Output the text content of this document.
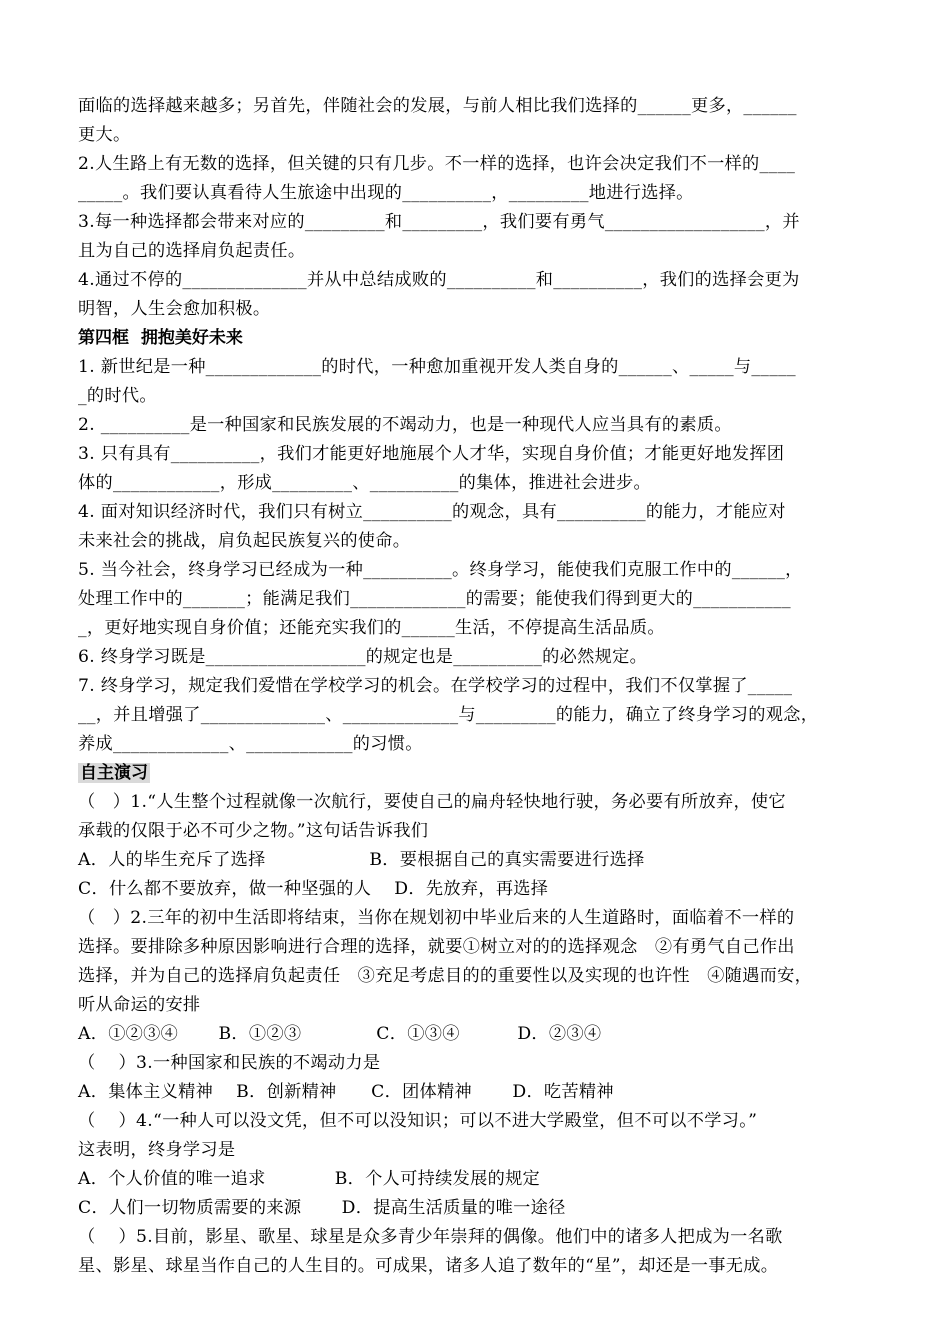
面临的选择越来越多；另首先，伴随社会的发展，与前人相比我们选择的______更多，______
更大。
2.人生路上有无数的选择，但关键的只有几步。不一样的选择，也许会决定我们不一样的____
_____。我们要认真看待人生旅途中出现的__________，_________地进行选择。
3.每一种选择都会带来对应的_________和_________，我们要有勇气__________________，并
且为自己的选择肩负起责任。
4.通过不停的______________并从中总结成败的__________和__________，我们的选择会更为
明智，人生会愈加积极。
第四框  拥抱美好未来
1. 新世纪是一种_____________的时代，一种愈加重视开发人类自身的______、_____与_____
_的时代。
2. __________是一种国家和民族发展的不竭动力，也是一种现代人应当具有的素质。
3. 只有具有__________，我们才能更好地施展个人才华，实现自身价值；才能更好地发挥团
体的____________，形成_________、__________的集体，推进社会进步。
4. 面对知识经济时代，我们只有树立__________的观念，具有__________的能力，才能应对
未来社会的挑战，肩负起民族复兴的使命。
5. 当今社会，终身学习已经成为一种__________。终身学习，能使我们克服工作中的______，
处理工作中的_______；能满足我们_____________的需要；能使我们得到更大的___________
_，更好地实现自身价值；还能充实我们的______生活，不停提高生活品质。
6. 终身学习既是__________________的规定也是__________的必然规定。
7. 终身学习，规定我们爱惜在学校学习的机会。在学校学习的过程中，我们不仅掌握了_____
__，并且增强了______________、_____________与_________的能力，确立了终身学习的观念，
养成_____________、____________的习惯。
自主演习
（   ）1.“人生整个过程就像一次航行，要使自己的扁舟轻快地行驶，务必要有所放弃，使它
承载的仅限于必不可少之物。”这句话告诉我们
A．人的毕生充斥了选择                  B．要根据自己的真实需要进行选择
C．什么都不要放弃，做一种坚强的人    D．先放弃，再选择
（   ）2.三年的初中生活即将结束，当你在规划初中毕业后来的人生道路时，面临着不一样的
选择。要排除多种原因影响进行合理的选择，就要①树立对的的选择观念   ②有勇气自己作出
选择，并为自己的选择肩负起责任   ③充足考虑目的的重要性以及实现的也许性   ④随遇而安，
听从命运的安排
A．①②③④       B．①②③             C．①③④          D．②③④
（    ）3.一种国家和民族的不竭动力是
A．集体主义精神    B．创新精神      C．团体精神       D．吃苦精神
（    ）4.“一种人可以没文凭，但不可以没知识；可以不进大学殿堂，但不可以不学习。”
这表明，终身学习是
A．个人价值的唯一追求            B．个人可持续发展的规定
C．人们一切物质需要的来源       D．提高生活质量的唯一途径
（    ）5.目前，影星、歌星、球星是众多青少年崇拜的偶像。他们中的诸多人把成为一名歌
星、影星、球星当作自己的人生目的。可成果，诸多人追了数年的“星”，却还是一事无成。
